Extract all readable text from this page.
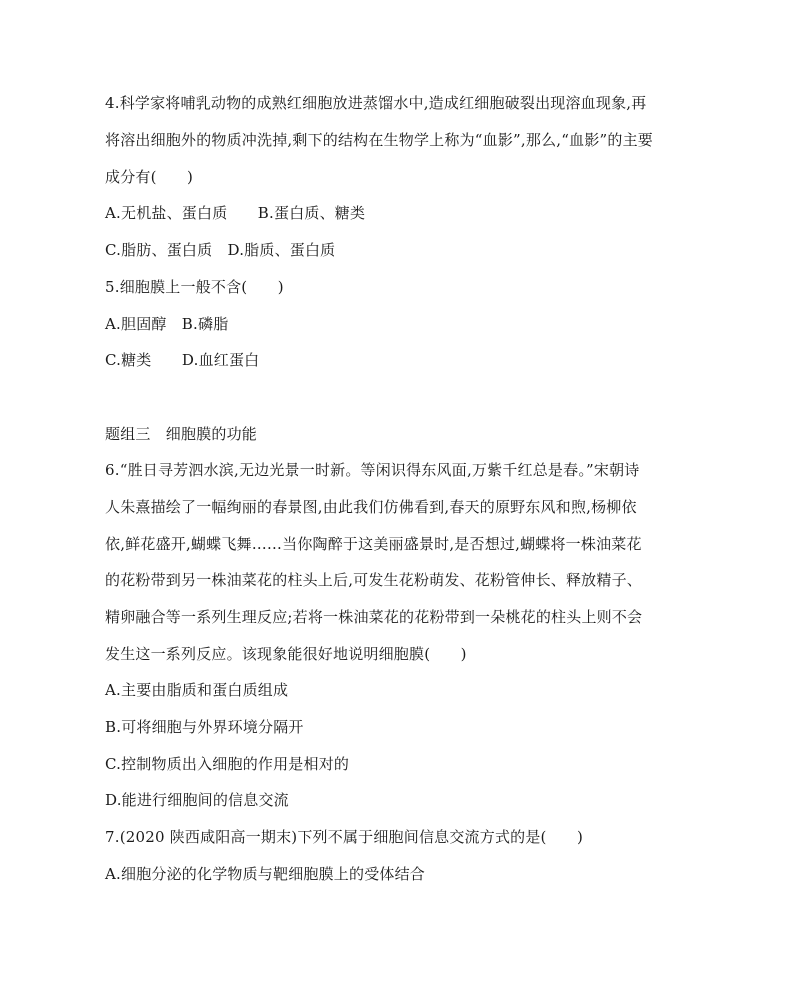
4.科学家将哺乳动物的成熟红细胞放进蒸馏水中,造成红细胞破裂出现溶血现象,再
将溶出细胞外的物质冲洗掉,剩下的结构在生物学上称为“血影”,那么,“血影”的主要
成分有(　　)
A.无机盐、蛋白质　　B.蛋白质、糖类
C.脂肪、蛋白质　D.脂质、蛋白质
5.细胞膜上一般不含(　　)
A.胆固醇　B.磷脂
C.糖类　　D.血红蛋白
题组三　细胞膜的功能
6.“胜日寻芳泗水滨,无边光景一时新。等闲识得东风面,万紫千红总是春。”宋朝诗
人朱熹描绘了一幅绚丽的春景图,由此我们仿佛看到,春天的原野东风和煦,杨柳依
依,鲜花盛开,蝴蝶飞舞……当你陶醉于这美丽盛景时,是否想过,蝴蝶将一株油菜花
的花粉带到另一株油菜花的柱头上后,可发生花粉萌发、花粉管伸长、释放精子、
精卵融合等一系列生理反应;若将一株油菜花的花粉带到一朵桃花的柱头上则不会
发生这一系列反应。该现象能很好地说明细胞膜(　　)
A.主要由脂质和蛋白质组成
B.可将细胞与外界环境分隔开
C.控制物质出入细胞的作用是相对的
D.能进行细胞间的信息交流
7.(2020 陕西咸阳高一期末)下列不属于细胞间信息交流方式的是(　　)
A.细胞分泌的化学物质与靶细胞膜上的受体结合
